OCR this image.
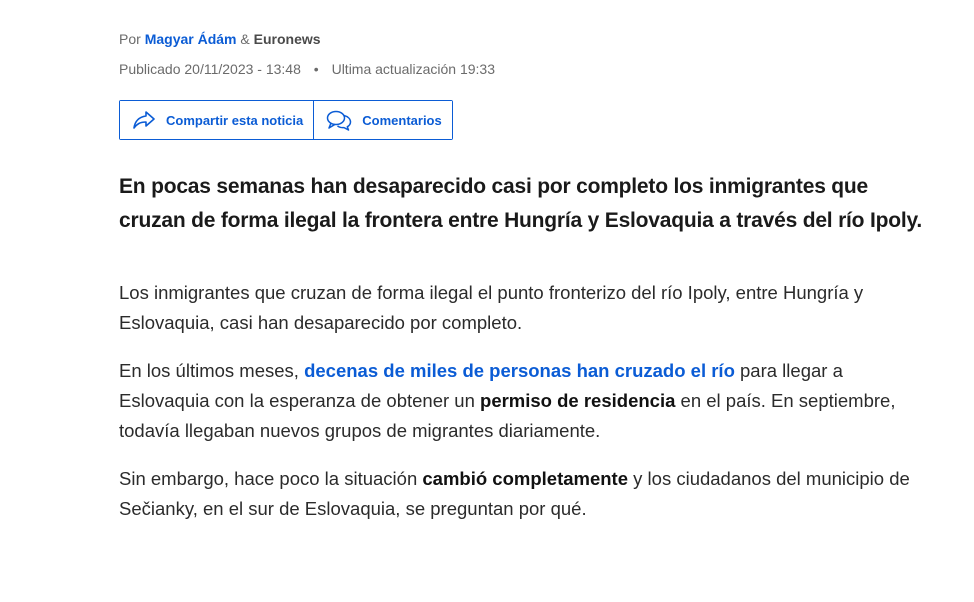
Por Magyar Ádám & Euronews
Publicado 20/11/2023 - 13:48 • Ultima actualización 19:33
Compartir esta noticia	Comentarios
En pocas semanas han desaparecido casi por completo los inmigrantes que cruzan de forma ilegal la frontera entre Hungría y Eslovaquia a través del río Ipoly.

Los inmigrantes que cruzan de forma ilegal el punto fronterizo del río Ipoly, entre Hungría y Eslovaquia, casi han desaparecido por completo.

En los últimos meses, decenas de miles de personas han cruzado el río para llegar a Eslovaquia con la esperanza de obtener un permiso de residencia en el país. En septiembre, todavía llegaban nuevos grupos de migrantes diariamente.

Sin embargo, hace poco la situación cambió completamente y los ciudadanos del municipio de Sečianky, en el sur de Eslovaquia, se preguntan por qué.
